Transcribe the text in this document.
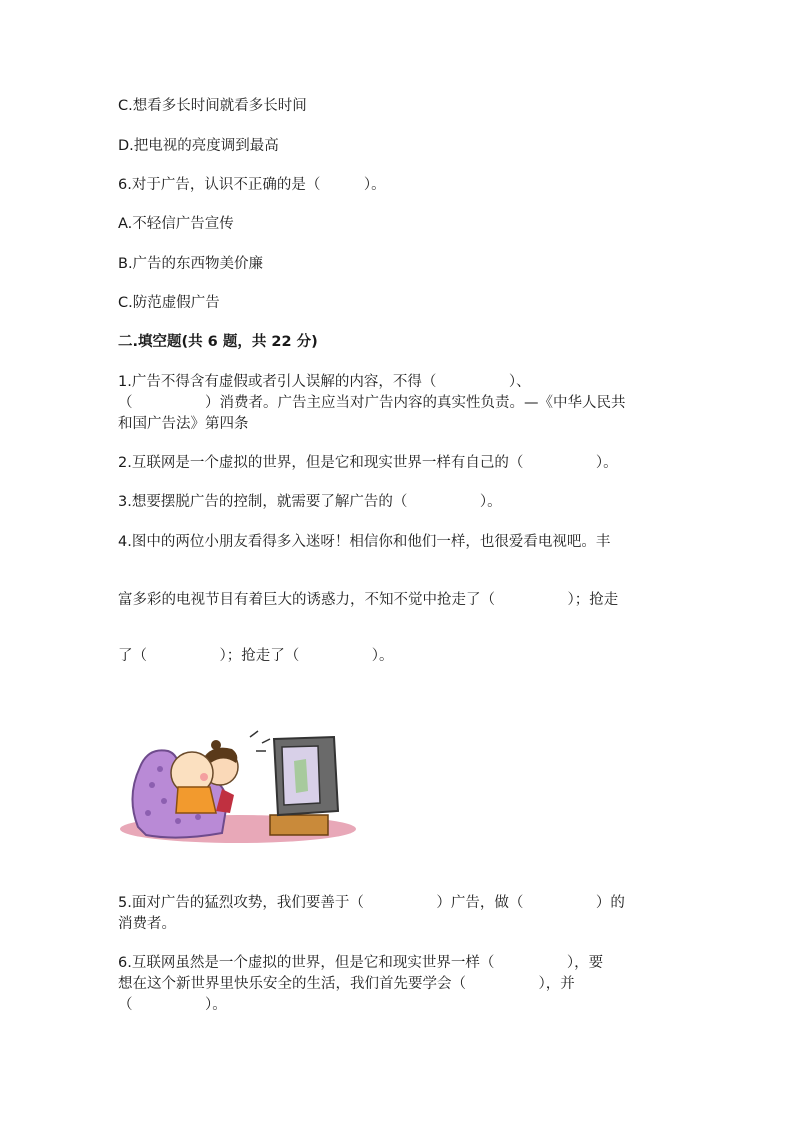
C.想看多长时间就看多长时间
D.把电视的亮度调到最高
6.对于广告，认识不正确的是（　　　）。
A.不轻信广告宣传
B.广告的东西物美价廉
C.防范虚假广告
二.填空题(共 6 题，共 22 分)
1.广告不得含有虚假或者引人误解的内容，不得（　　　　　）、
（　　　　　）消费者。广告主应当对广告内容的真实性负责。—《中华人民共
和国广告法》第四条
2.互联网是一个虚拟的世界，但是它和现实世界一样有自己的（　　　　　）。
3.想要摆脱广告的控制，就需要了解广告的（　　　　　）。
4.图中的两位小朋友看得多入迷呀！相信你和他们一样，也很爱看电视吧。丰
富多彩的电视节目有着巨大的诱惑力，不知不觉中抢走了（　　　　　）；抢走
了（　　　　　）；抢走了（　　　　　）。
5.面对广告的猛烈攻势，我们要善于（　　　　　）广告，做（　　　　　）的
消费者。
6.互联网虽然是一个虚拟的世界，但是它和现实世界一样（　　　　　），要
想在这个新世界里快乐安全的生活，我们首先要学会（　　　　　），并
（　　　　　）。
